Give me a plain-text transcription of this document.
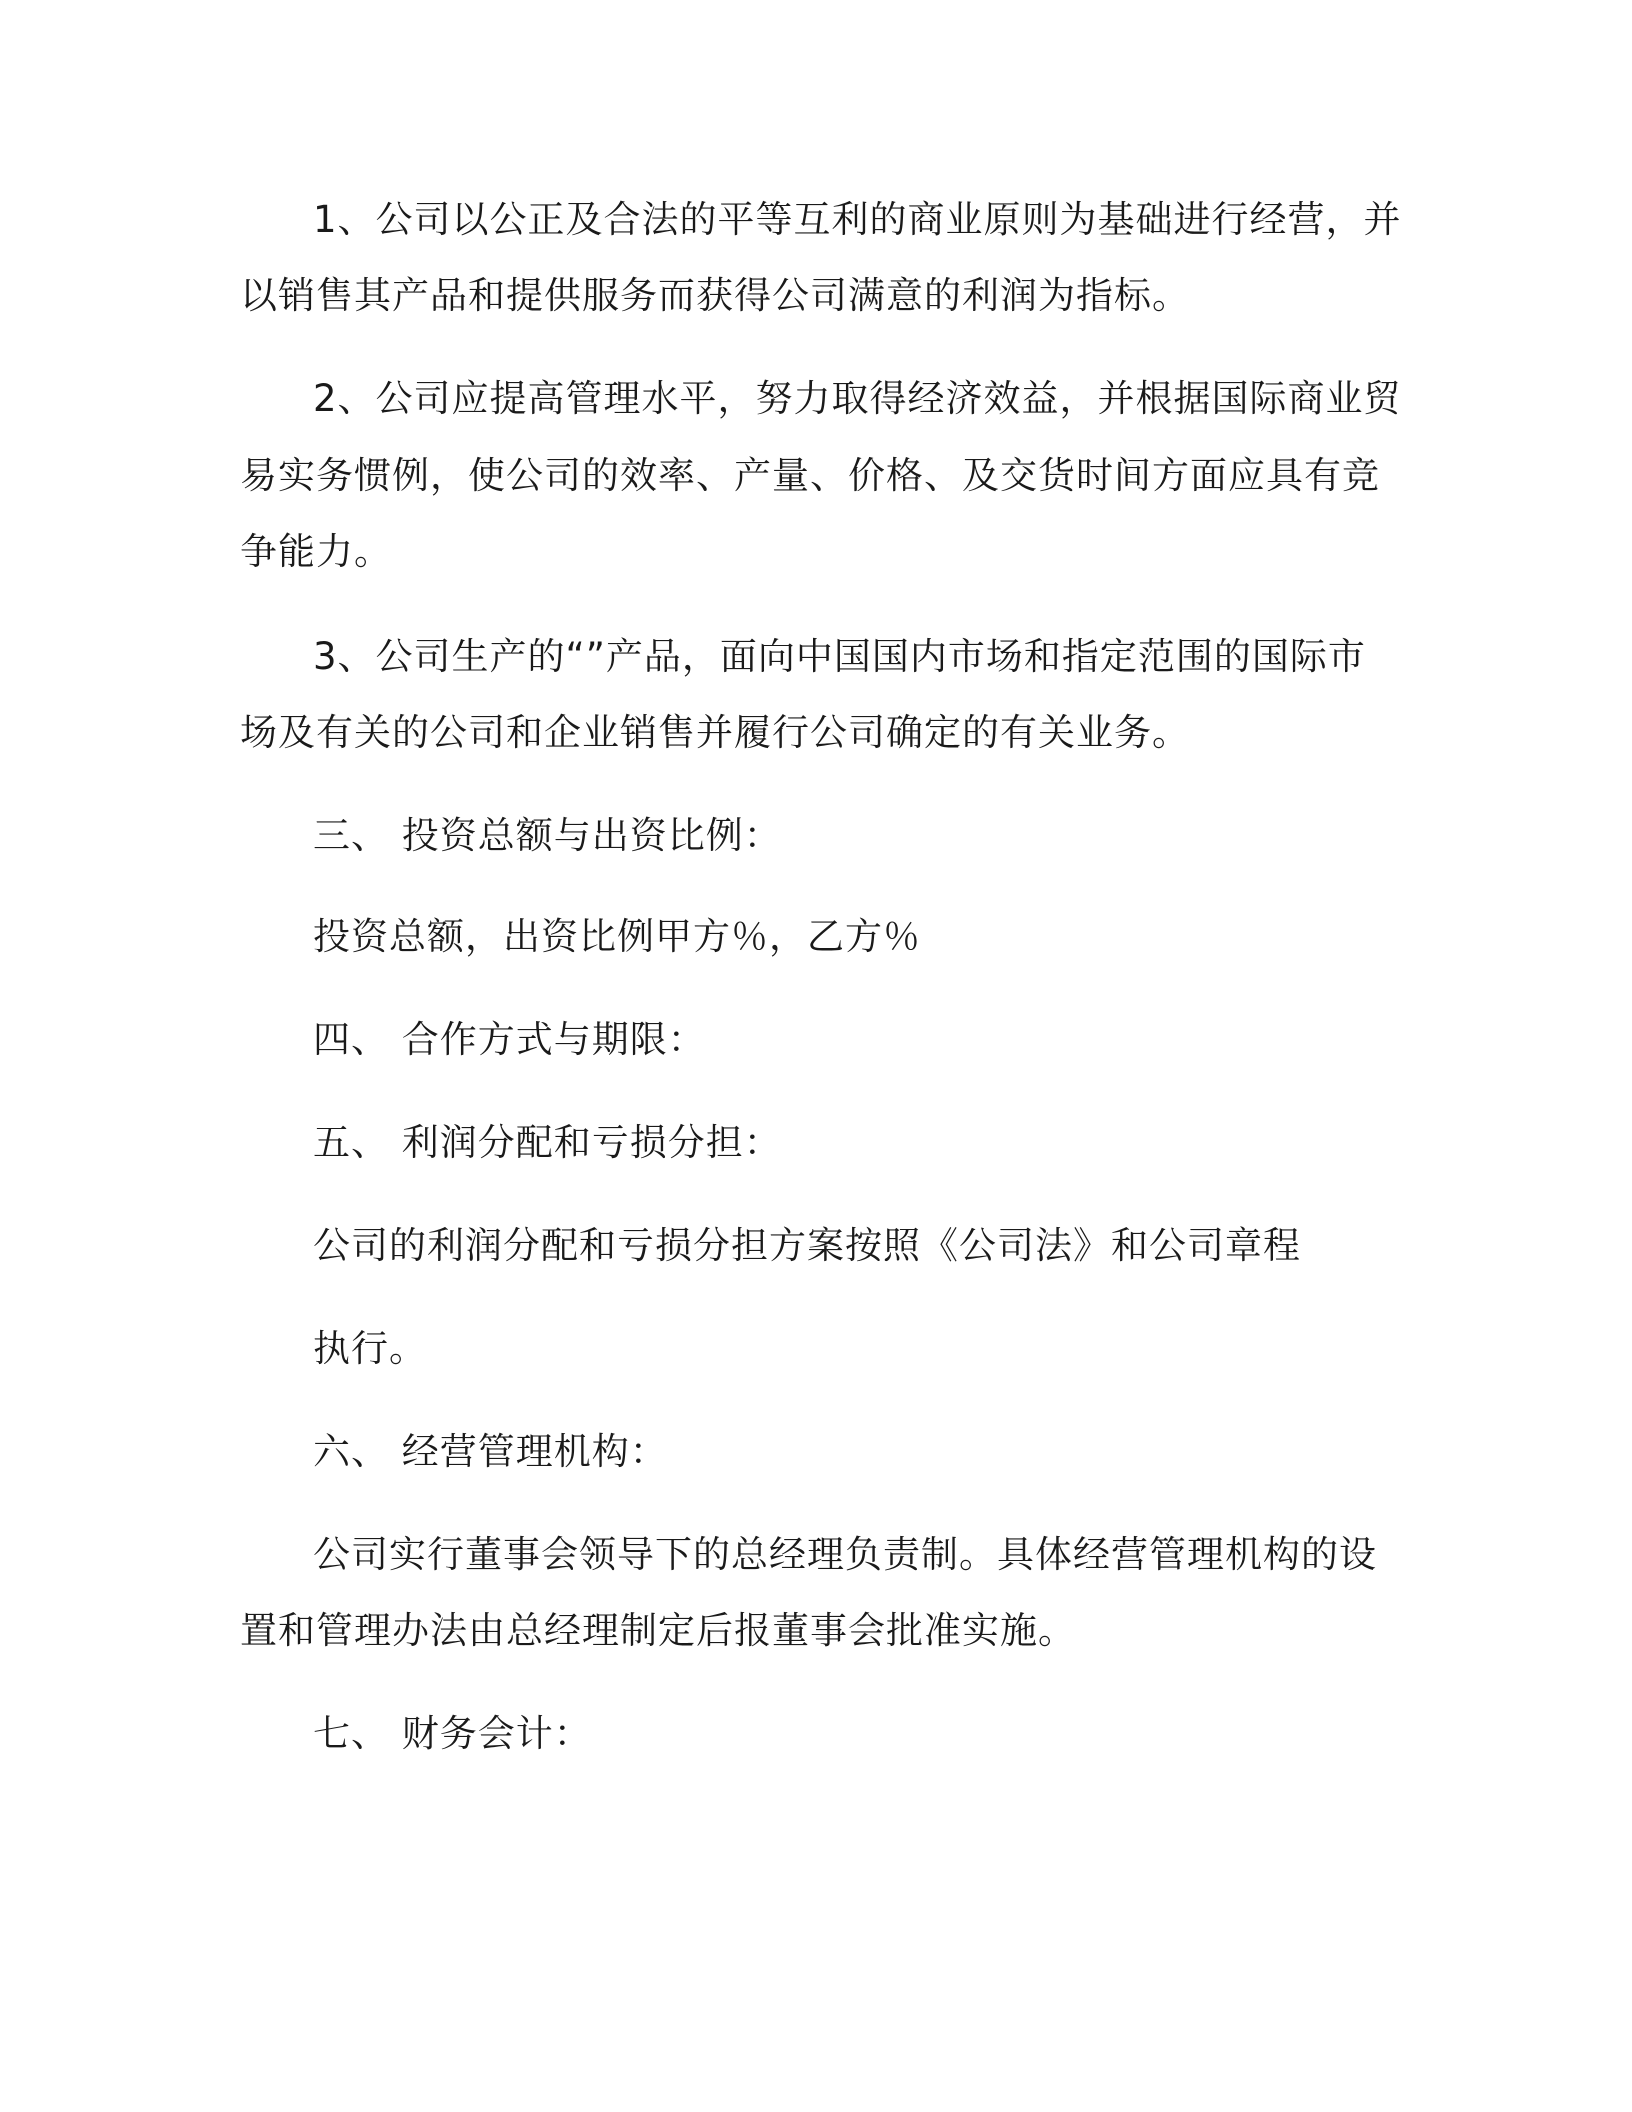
1、公司以公正及合法的平等互利的商业原则为基础进行经营，并
以销售其产品和提供服务而获得公司满意的利润为指标。
2、公司应提高管理水平，努力取得经济效益，并根据国际商业贸
易实务惯例，使公司的效率、产量、价格、及交货时间方面应具有竞
争能力。
3、公司生产的“”产品，面向中国国内市场和指定范围的国际市
场及有关的公司和企业销售并履行公司确定的有关业务。
三、 投资总额与出资比例：
投资总额，出资比例甲方％，乙方％
四、 合作方式与期限：
五、 利润分配和亏损分担：
公司的利润分配和亏损分担方案按照《公司法》和公司章程
执行。
六、 经营管理机构：
公司实行董事会领导下的总经理负责制。具体经营管理机构的设
置和管理办法由总经理制定后报董事会批准实施。
七、 财务会计：
